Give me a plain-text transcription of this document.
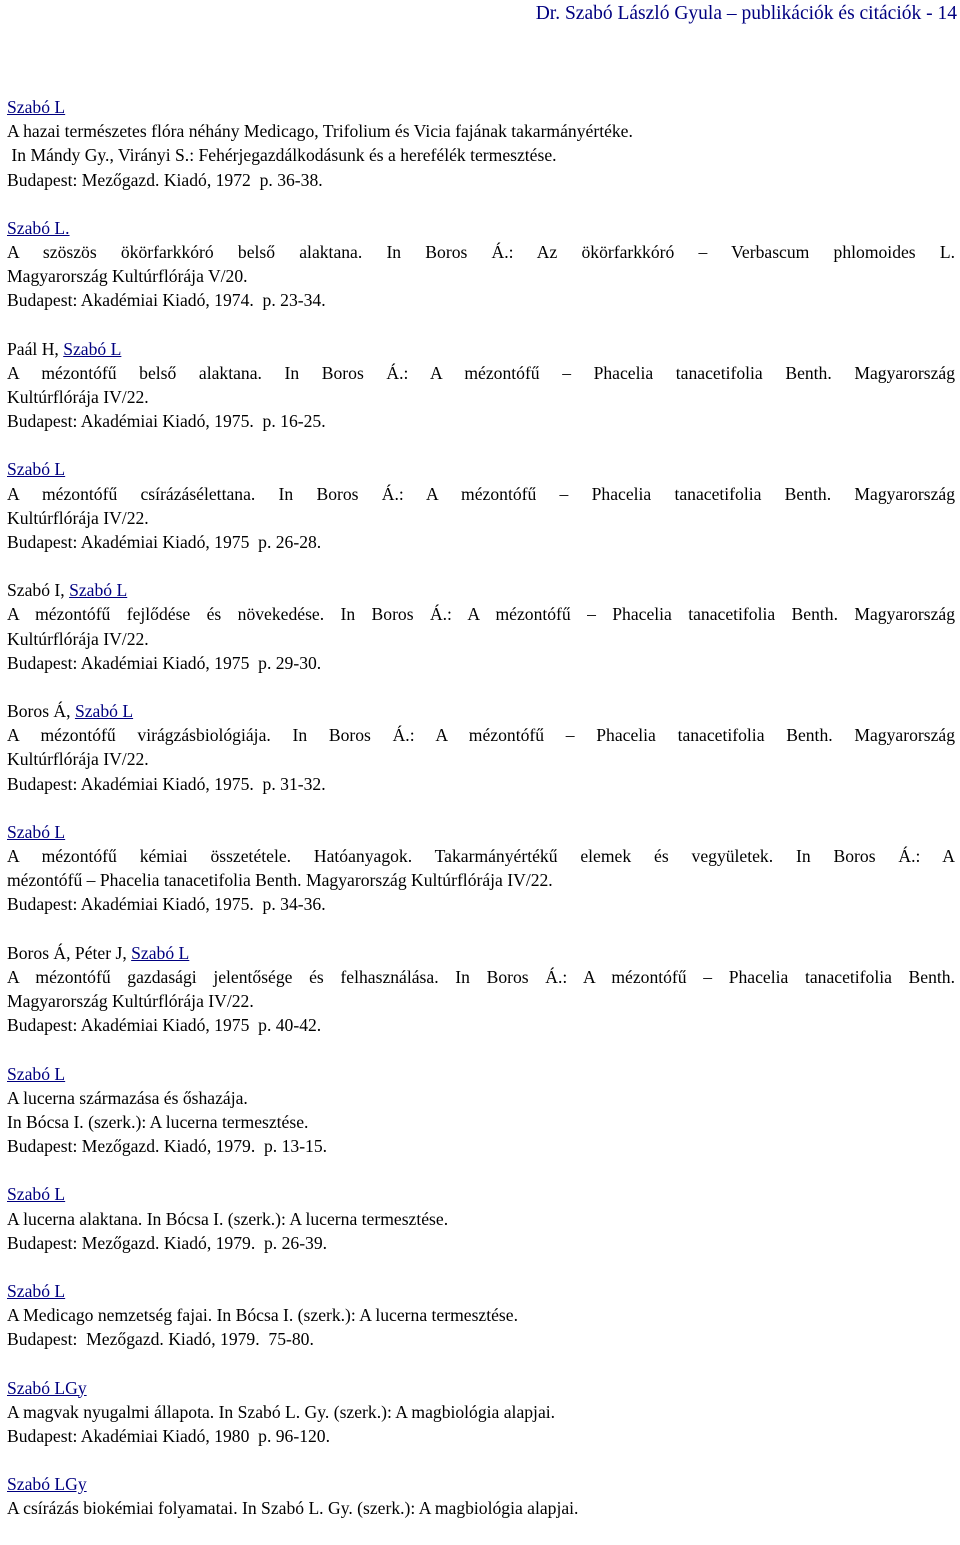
Dr. Szabó László Gyula – publikációk és citációk - 14

Szabó L

A hazai természetes flóra néhány Medicago, Trifolium és Vicia fajának takarmányértéke.

In Mándy Gy., Virányi S.: Fehérjegazdálkodásunk és a herefélék termesztése.

Budapest: Mezőgazd. Kiadó, 1972  p. 36-38.

Szabó L.

A szöszös ökörfarkkóró belső alaktana. In Boros Á.: Az ökörfarkkóró – Verbascum phlomoides L.

Magyarország Kultúrflórája V/20.

Budapest: Akadémiai Kiadó, 1974.  p. 23-34.

Paál H, Szabó L

A mézontófű belső alaktana. In Boros Á.: A mézontófű – Phacelia tanacetifolia Benth. Magyarország

Kultúrflórája IV/22.

Budapest: Akadémiai Kiadó, 1975.  p. 16-25.

Szabó L

A mézontófű csírázásélettana. In Boros Á.: A mézontófű – Phacelia tanacetifolia Benth. Magyarország

Kultúrflórája IV/22.

Budapest: Akadémiai Kiadó, 1975  p. 26-28.

Szabó I, Szabó L

A mézontófű fejlődése és növekedése. In Boros Á.: A mézontófű – Phacelia tanacetifolia Benth. Magyarország

Kultúrflórája IV/22.

Budapest: Akadémiai Kiadó, 1975  p. 29-30.

Boros Á, Szabó L

A mézontófű virágzásbiológiája. In Boros Á.: A mézontófű – Phacelia tanacetifolia Benth. Magyarország

Kultúrflórája IV/22.

Budapest: Akadémiai Kiadó, 1975.  p. 31-32.

Szabó L

A mézontófű kémiai összetétele. Hatóanyagok. Takarmányértékű elemek és vegyületek. In Boros Á.: A

mézontófű – Phacelia tanacetifolia Benth. Magyarország Kultúrflórája IV/22.

Budapest: Akadémiai Kiadó, 1975.  p. 34-36.

Boros Á, Péter J, Szabó L

A mézontófű gazdasági jelentősége és felhasználása. In Boros Á.: A mézontófű – Phacelia tanacetifolia Benth.

Magyarország Kultúrflórája IV/22.

Budapest: Akadémiai Kiadó, 1975  p. 40-42.

Szabó L

A lucerna származása és őshazája.

In Bócsa I. (szerk.): A lucerna termesztése.

Budapest: Mezőgazd. Kiadó, 1979.  p. 13-15.

Szabó L

A lucerna alaktana. In Bócsa I. (szerk.): A lucerna termesztése.

Budapest: Mezőgazd. Kiadó, 1979.  p. 26-39.

Szabó L

A Medicago nemzetség fajai. In Bócsa I. (szerk.): A lucerna termesztése.

Budapest:  Mezőgazd. Kiadó, 1979.  75-80.

Szabó LGy

A magvak nyugalmi állapota. In Szabó L. Gy. (szerk.): A magbiológia alapjai.

Budapest: Akadémiai Kiadó, 1980  p. 96-120.

Szabó LGy

A csírázás biokémiai folyamatai. In Szabó L. Gy. (szerk.): A magbiológia alapjai.
